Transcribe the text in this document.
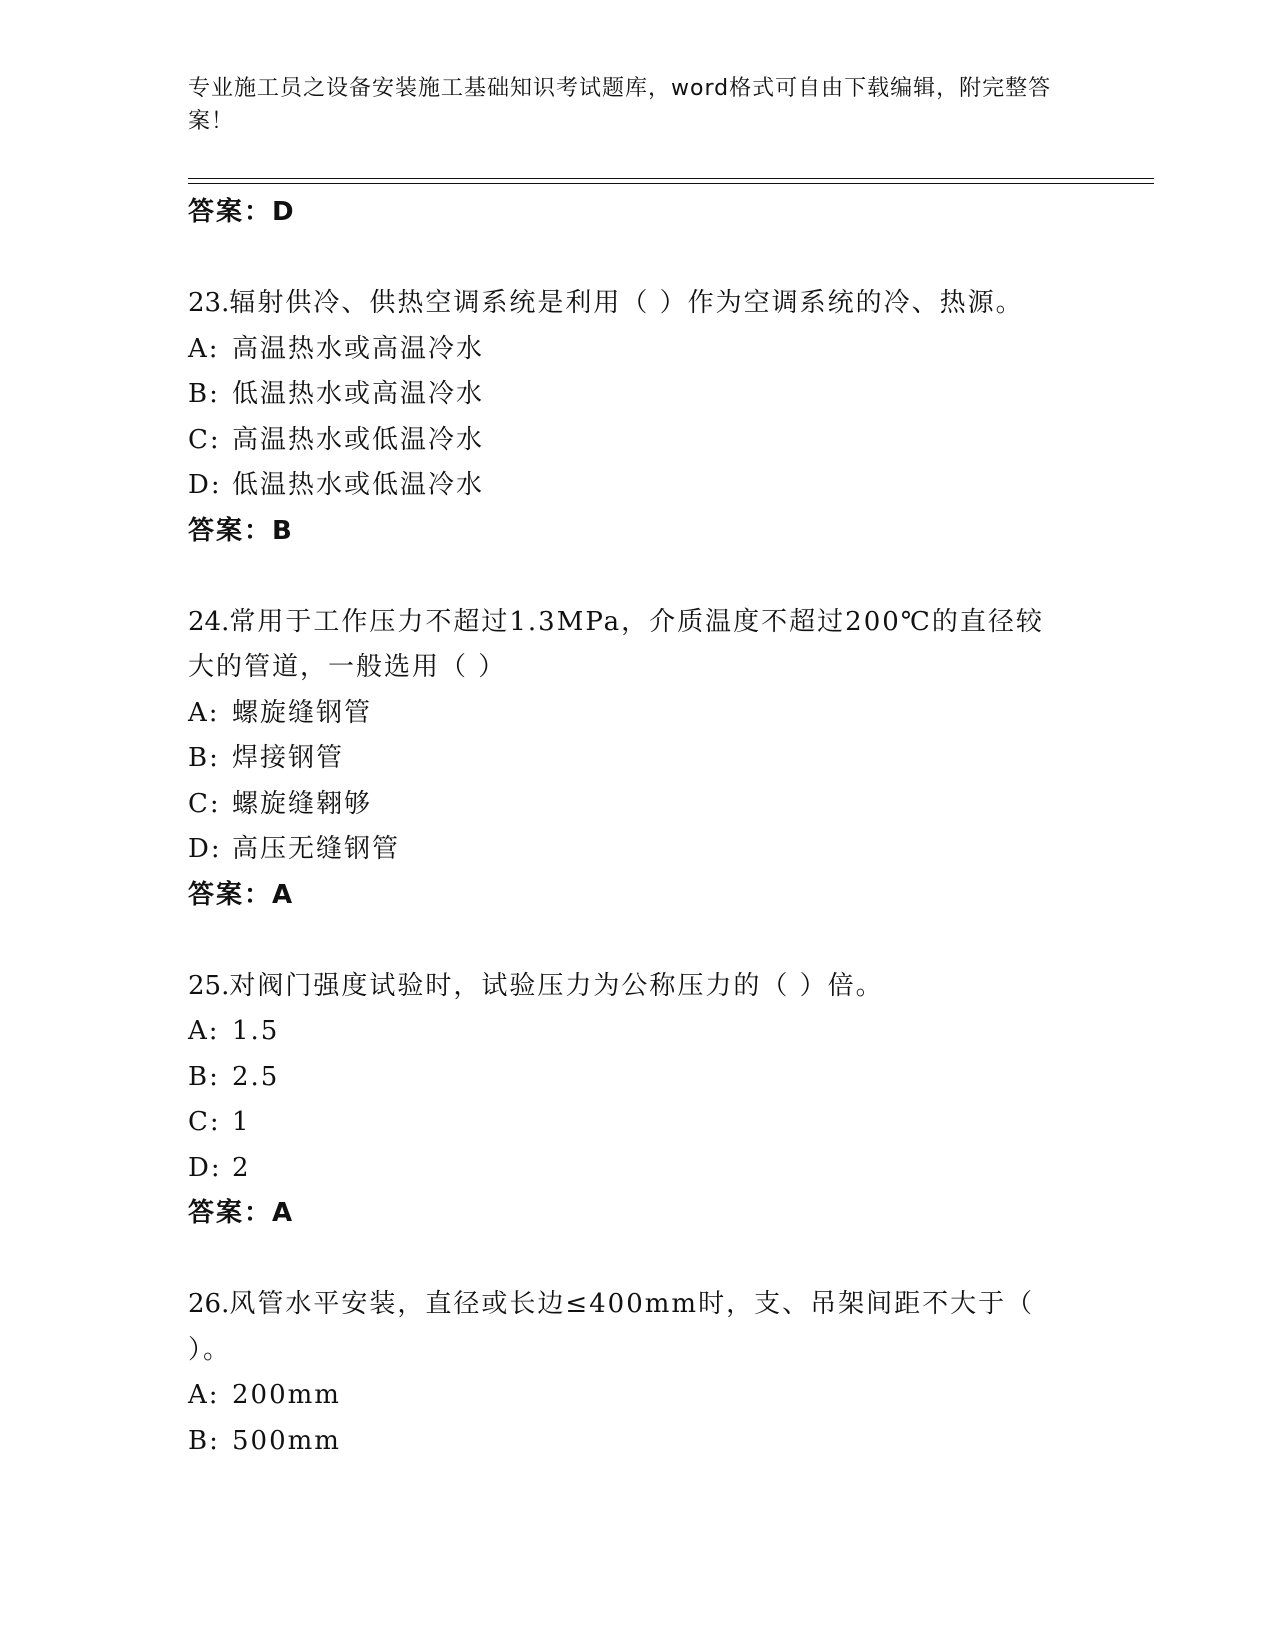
专业施工员之设备安装施工基础知识考试题库，word格式可自由下载编辑，附完整答案！
答案：D
23.辐射供冷、供热空调系统是利用（ ）作为空调系统的冷、热源。
A: 高温热水或高温冷水
B: 低温热水或高温冷水
C: 高温热水或低温冷水
D: 低温热水或低温冷水
答案：B
24.常用于工作压力不超过1.3MPa，介质温度不超过200℃的直径较大的管道，一般选用（ ）
A: 螺旋缝钢管
B: 焊接钢管
C: 螺旋缝翱够
D: 高压无缝钢管
答案：A
25.对阀门强度试验时，试验压力为公称压力的（ ）倍。
A: 1.5
B: 2.5
C: 1
D: 2
答案：A
26.风管水平安装，直径或长边≤400mm时，支、吊架间距不大于（ ）。
A: 200mm
B: 500mm
